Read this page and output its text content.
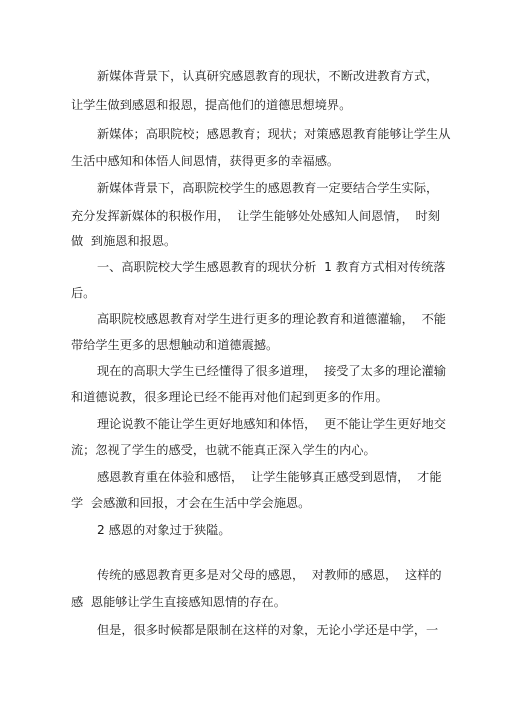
新媒体背景下，认真研究感恩教育的现状，不断改进教育方式，

让学生做到感恩和报恩，提高他们的道德思想境界。

新媒体；高职院校；感恩教育；现状；对策感恩教育能够让学生从

生活中感知和体悟人间恩情，获得更多的幸福感。

新媒体背景下，高职院校学生的感恩教育一定要结合学生实际，

充分发挥新媒体的积极作用，  让学生能够处处感知人间恩情，  时刻

做  到施恩和报恩。

一、高职院校大学生感恩教育的现状分析  1 教育方式相对传统落

后。

高职院校感恩教育对学生进行更多的理论教育和道德灌输，  不能

带给学生更多的思想触动和道德震撼。

现在的高职大学生已经懂得了很多道理，  接受了太多的理论灌输

和道德说教，很多理论已经不能再对他们起到更多的作用。

理论说教不能让学生更好地感知和体悟，  更不能让学生更好地交

流；忽视了学生的感受，也就不能真正深入学生的内心。

感恩教育重在体验和感悟，  让学生能够真正感受到恩情，  才能

学  会感激和回报，才会在生活中学会施恩。

2 感恩的对象过于狭隘。

传统的感恩教育更多是对父母的感恩，  对教师的感恩，  这样的

感  恩能够让学生直接感知恩情的存在。

但是，很多时候都是限制在这样的对象，无论小学还是中学，一
